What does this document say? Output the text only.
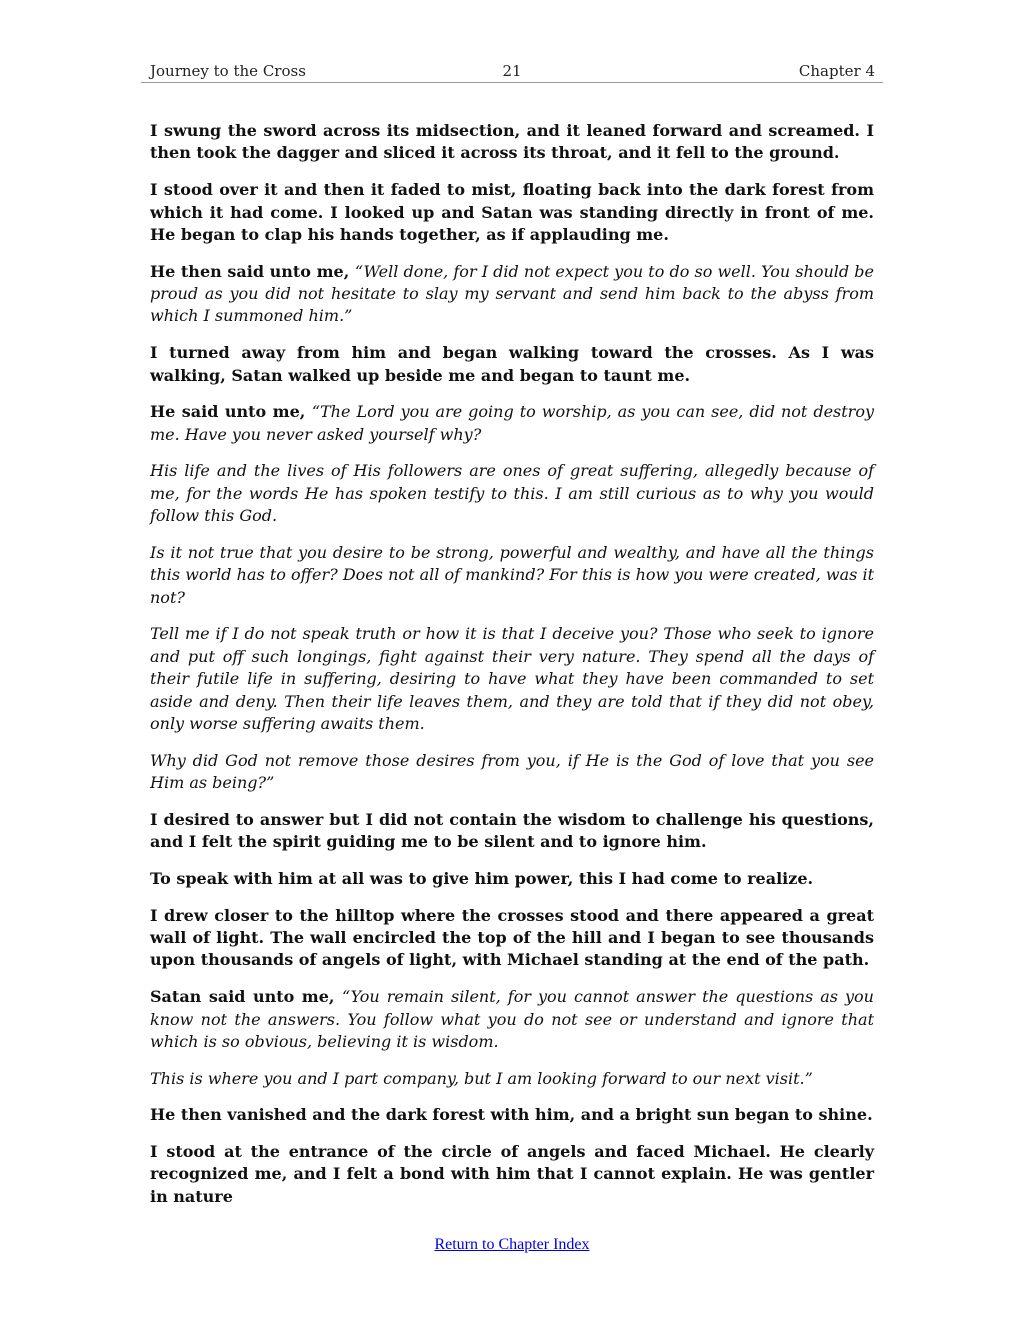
Journey to the Cross	21	Chapter 4

I swung the sword across its midsection, and it leaned forward and screamed. I then took the dagger and sliced it across its throat, and it fell to the ground.

I stood over it and then it faded to mist, floating back into the dark forest from which it had come. I looked up and Satan was standing directly in front of me. He began to clap his hands together, as if applauding me.

He then said unto me, “Well done, for I did not expect you to do so well. You should be proud as you did not hesitate to slay my servant and send him back to the abyss from which I summoned him.”

I turned away from him and began walking toward the crosses. As I was walking, Satan walked up beside me and began to taunt me.

He said unto me, “The Lord you are going to worship, as you can see, did not destroy me. Have you never asked yourself why?

His life and the lives of His followers are ones of great suffering, allegedly because of me, for the words He has spoken testify to this. I am still curious as to why you would follow this God.

Is it not true that you desire to be strong, powerful and wealthy, and have all the things this world has to offer? Does not all of mankind? For this is how you were created, was it not?

Tell me if I do not speak truth or how it is that I deceive you? Those who seek to ignore and put off such longings, fight against their very nature. They spend all the days of their futile life in suffering, desiring to have what they have been commanded to set aside and deny. Then their life leaves them, and they are told that if they did not obey, only worse suffering awaits them.

Why did God not remove those desires from you, if He is the God of love that you see Him as being?”

I desired to answer but I did not contain the wisdom to challenge his questions, and I felt the spirit guiding me to be silent and to ignore him.

To speak with him at all was to give him power, this I had come to realize.

I drew closer to the hilltop where the crosses stood and there appeared a great wall of light. The wall encircled the top of the hill and I began to see thousands upon thousands of angels of light, with Michael standing at the end of the path.

Satan said unto me, “You remain silent, for you cannot answer the questions as you know not the answers. You follow what you do not see or understand and ignore that which is so obvious, believing it is wisdom.

This is where you and I part company, but I am looking forward to our next visit.”

He then vanished and the dark forest with him, and a bright sun began to shine.

I stood at the entrance of the circle of angels and faced Michael. He clearly recognized me, and I felt a bond with him that I cannot explain. He was gentler in nature

Return to Chapter Index
